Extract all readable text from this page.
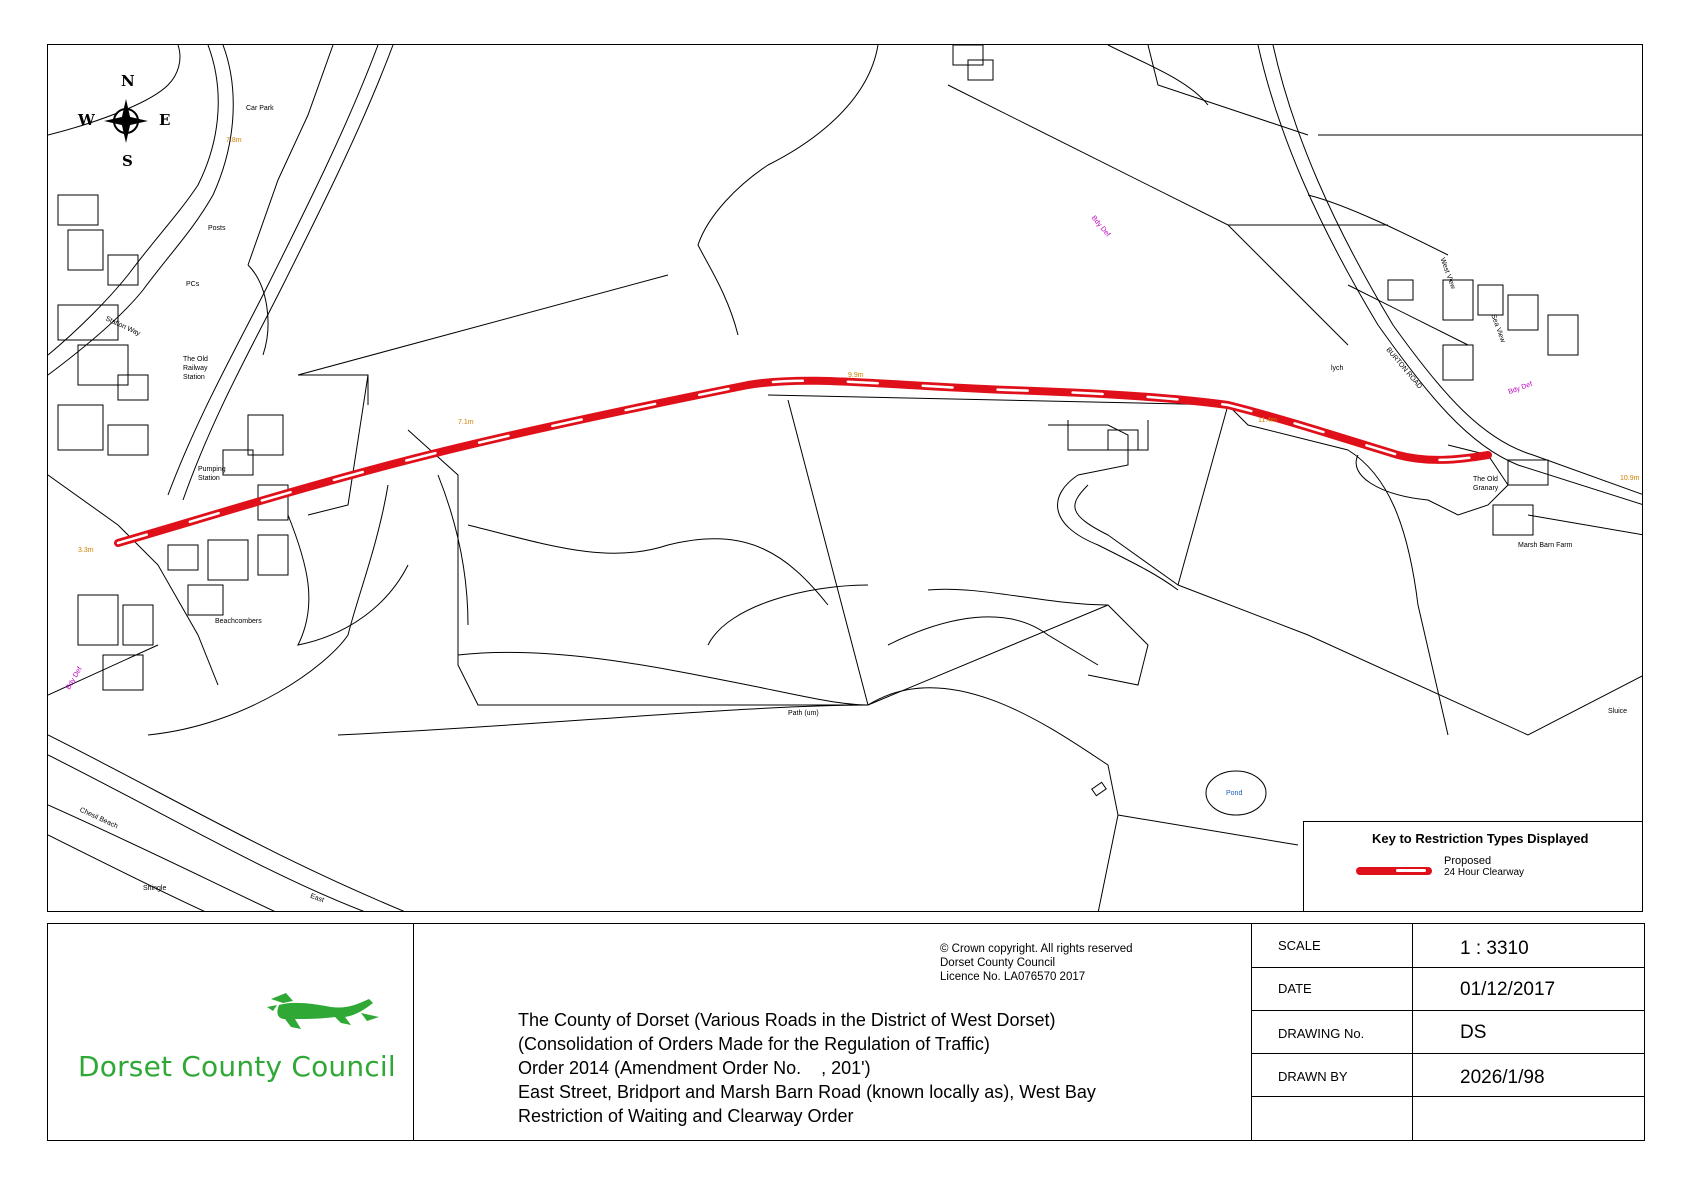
N
S
E
W
Car Park
Posts
PCs
Station Way
The Old Railway Station
Pumping Station
Beachcombers
Chesil Beach
Shingle
Path (um)
Pond
The Old Granary
Marsh Barn Farm
BURTON ROAD
Sluice
lych
West View
Sea View
East
7.8m
7.1m
9.9m
11.4m
3.3m
10.9m
Bdy Def
Bdy Def
Bdy Def
Key to Restriction Types Displayed
Proposed
24 Hour Clearway
Dorset County Council
© Crown copyright. All rights reserved
Dorset County Council
Licence No. LA076570 2017
The County of Dorset (Various Roads in the District of West Dorset)
(Consolidation of Orders Made for the Regulation of Traffic)
Order 2014 (Amendment Order No.    , 201')
East Street, Bridport and Marsh Barn Road (known locally as), West Bay
Restriction of Waiting and Clearway Order
SCALE	1 : 3310
DATE	01/12/2017
DRAWING No.	DS
DRAWN BY	2026/1/98
